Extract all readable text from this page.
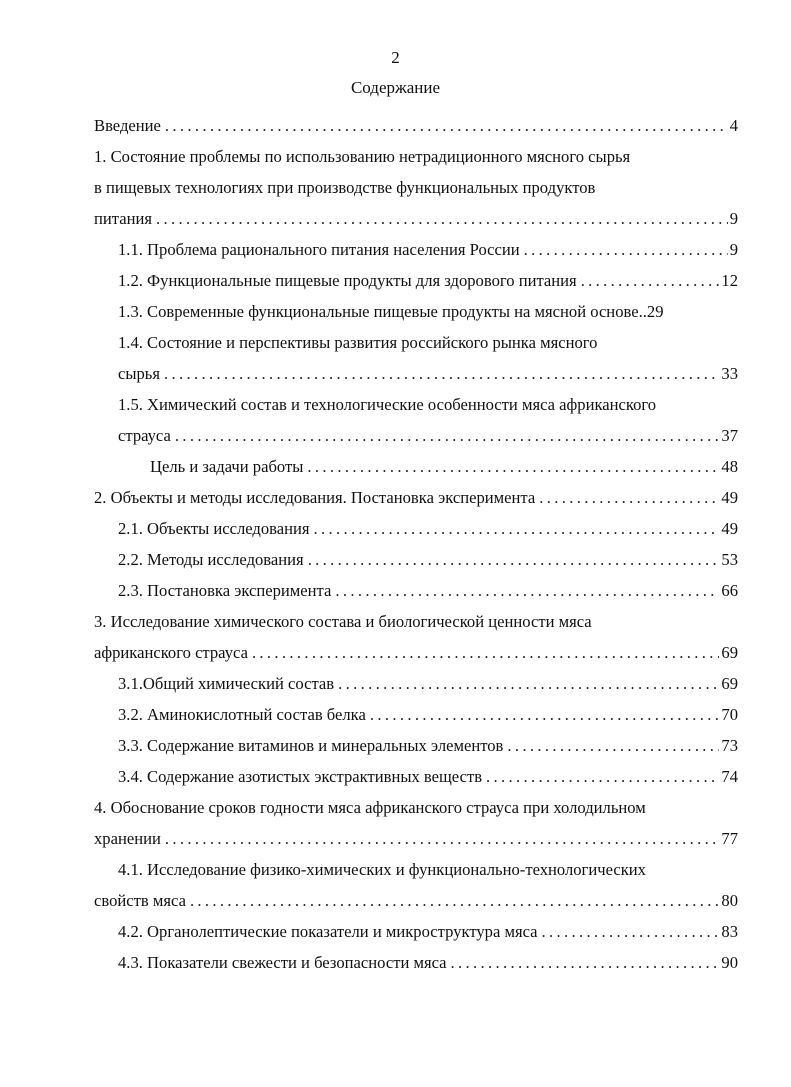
2
Содержание
Введение . . .	4
1. Состояние проблемы по использованию нетрадиционного мясного сырья
в пищевых технологиях при производстве функциональных продуктов
питания . . .	9
1.1. Проблема рационального питания населения России . . .	9
1.2. Функциональные пищевые продукты для здорового питания . . .	12
1.3. Современные функциональные пищевые продукты на мясной основе.. 29
1.4. Состояние и перспективы развития российского рынка мясного
сырья . . .	33
1.5. Химический состав и технологические особенности мяса африканского
страуса . . .	37
Цель и задачи работы . . .	48
2. Объекты и методы исследования. Постановка эксперимента . . .	49
2.1. Объекты исследования . . .	49
2.2. Методы исследования . . .	53
2.3. Постановка эксперимента . . .	66
3. Исследование химического состава и биологической ценности мяса
африканского страуса . . .	69
3.1.Общий химический состав . . .	69
3.2. Аминокислотный состав белка . . .	70
3.3. Содержание витаминов и минеральных элементов . . .	73
3.4. Содержание азотистых экстрактивных веществ . . .	74
4. Обоснование сроков годности мяса африканского страуса при холодильном
хранении . . .	77
4.1. Исследование физико-химических и функционально-технологических
свойств мяса . . .	80
4.2. Органолептические показатели и микроструктура мяса . . .	83
4.3. Показатели свежести и безопасности мяса . . .	90
